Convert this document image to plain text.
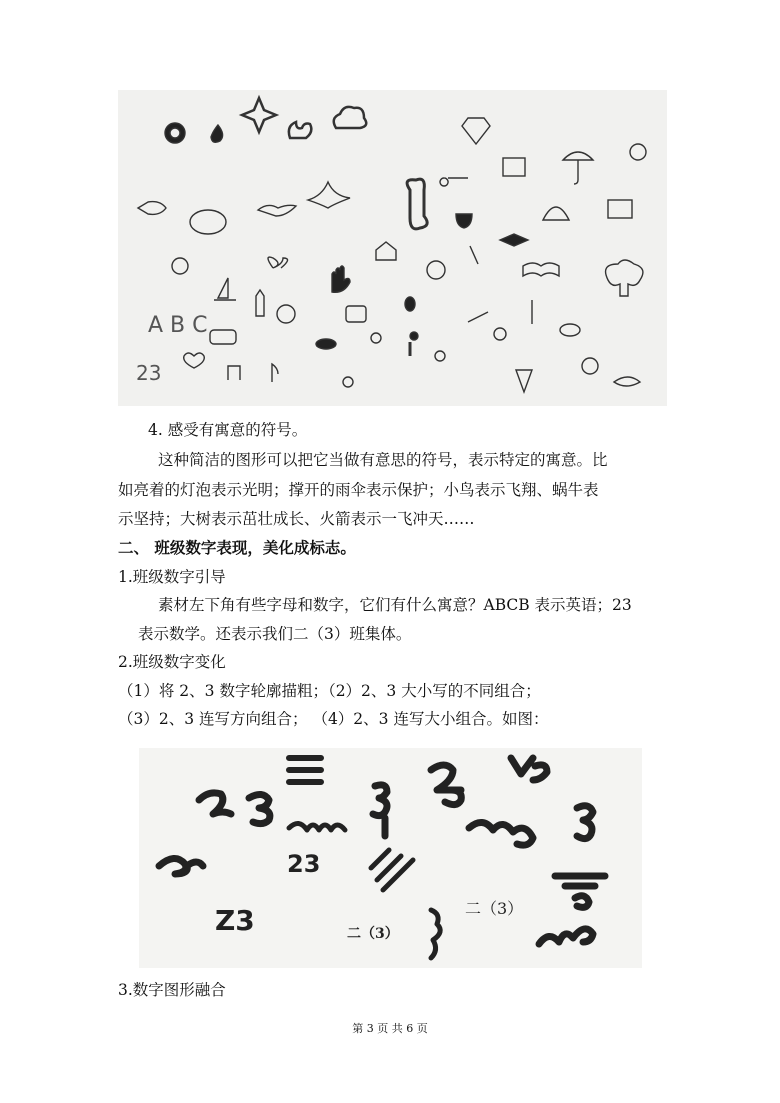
A B C
23
4. 感受有寓意的符号。
这种简洁的图形可以把它当做有意思的符号，表示特定的寓意。比
如亮着的灯泡表示光明；撑开的雨伞表示保护；小鸟表示飞翔、蜗牛表
示坚持；大树表示茁壮成长、火箭表示一飞冲天……
二、 班级数字表现，美化成标志。
1.班级数字引导
素材左下角有些字母和数字，它们有什么寓意？ABCB 表示英语；23
表示数学。还表示我们二（3）班集体。
2.班级数字变化
（1）将 2、3 数字轮廓描粗；（2）2、3 大小写的不同组合；
（3）2、3 连写方向组合； （4）2、3 连写大小组合。如图：
23
Z3	二（3）
二（3）
3.数字图形融合
第 3 页 共 6 页
